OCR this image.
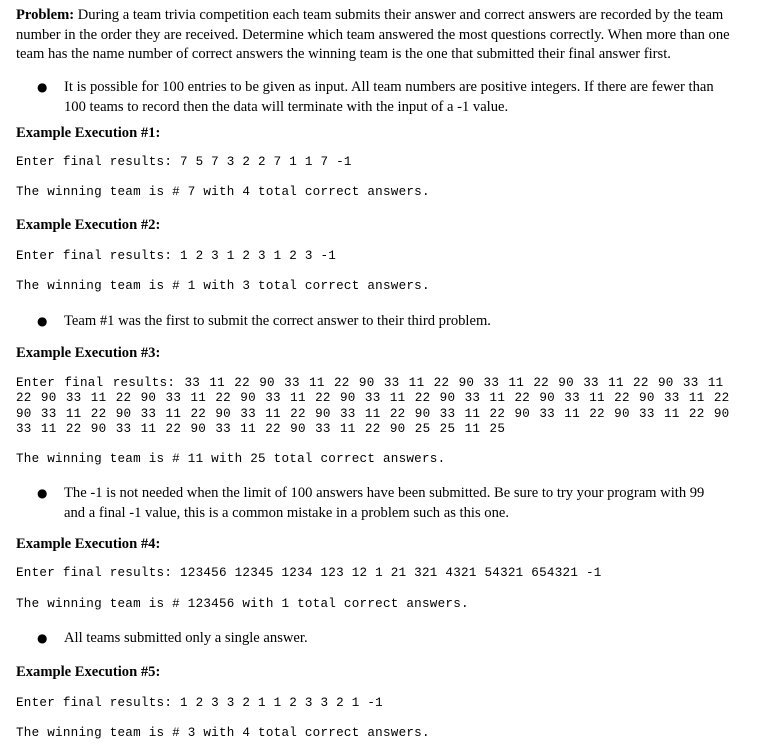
Problem: During a team trivia competition each team submits their answer and correct answers are recorded by the team number in the order they are received. Determine which team answered the most questions correctly. When more than one team has the name number of correct answers the winning team is the one that submitted their final answer first.
● It is possible for 100 entries to be given as input. All team numbers are positive integers. If there are fewer than 100 teams to record then the data will terminate with the input of a -1 value.
Example Execution #1:
Enter final results: 7 5 7 3 2 2 7 1 1 7 -1
The winning team is # 7 with 4 total correct answers.
Example Execution #2:
Enter final results: 1 2 3 1 2 3 1 2 3 -1
The winning team is # 1 with 3 total correct answers.
● Team #1 was the first to submit the correct answer to their third problem.
Example Execution #3:
Enter final results: 33 11 22 90 33 11 22 90 33 11 22 90 33 11 22 90 33 11 22 90 33 11 22 90 33 11 22 90 33 11 22 90 33 11 22 90 33 11 22 90 33 11 22 90 33 11 22 90 33 11 22 90 33 11 22 90 33 11 22 90 33 11 22 90 33 11 22 90 33 11 22 90 33 11 22 90 33 11 22 90 33 11 22 90 33 11 22 90 33 11 22 90 33 11 22 90 25 25 11 25
The winning team is # 11 with 25 total correct answers.
● The -1 is not needed when the limit of 100 answers have been submitted. Be sure to try your program with 99 and a final -1 value, this is a common mistake in a problem such as this one.
Example Execution #4:
Enter final results: 123456 12345 1234 123 12 1 21 321 4321 54321 654321 -1
The winning team is # 123456 with 1 total correct answers.
● All teams submitted only a single answer.
Example Execution #5:
Enter final results: 1 2 3 3 2 1 1 2 3 3 2 1 -1
The winning team is # 3 with 4 total correct answers.
